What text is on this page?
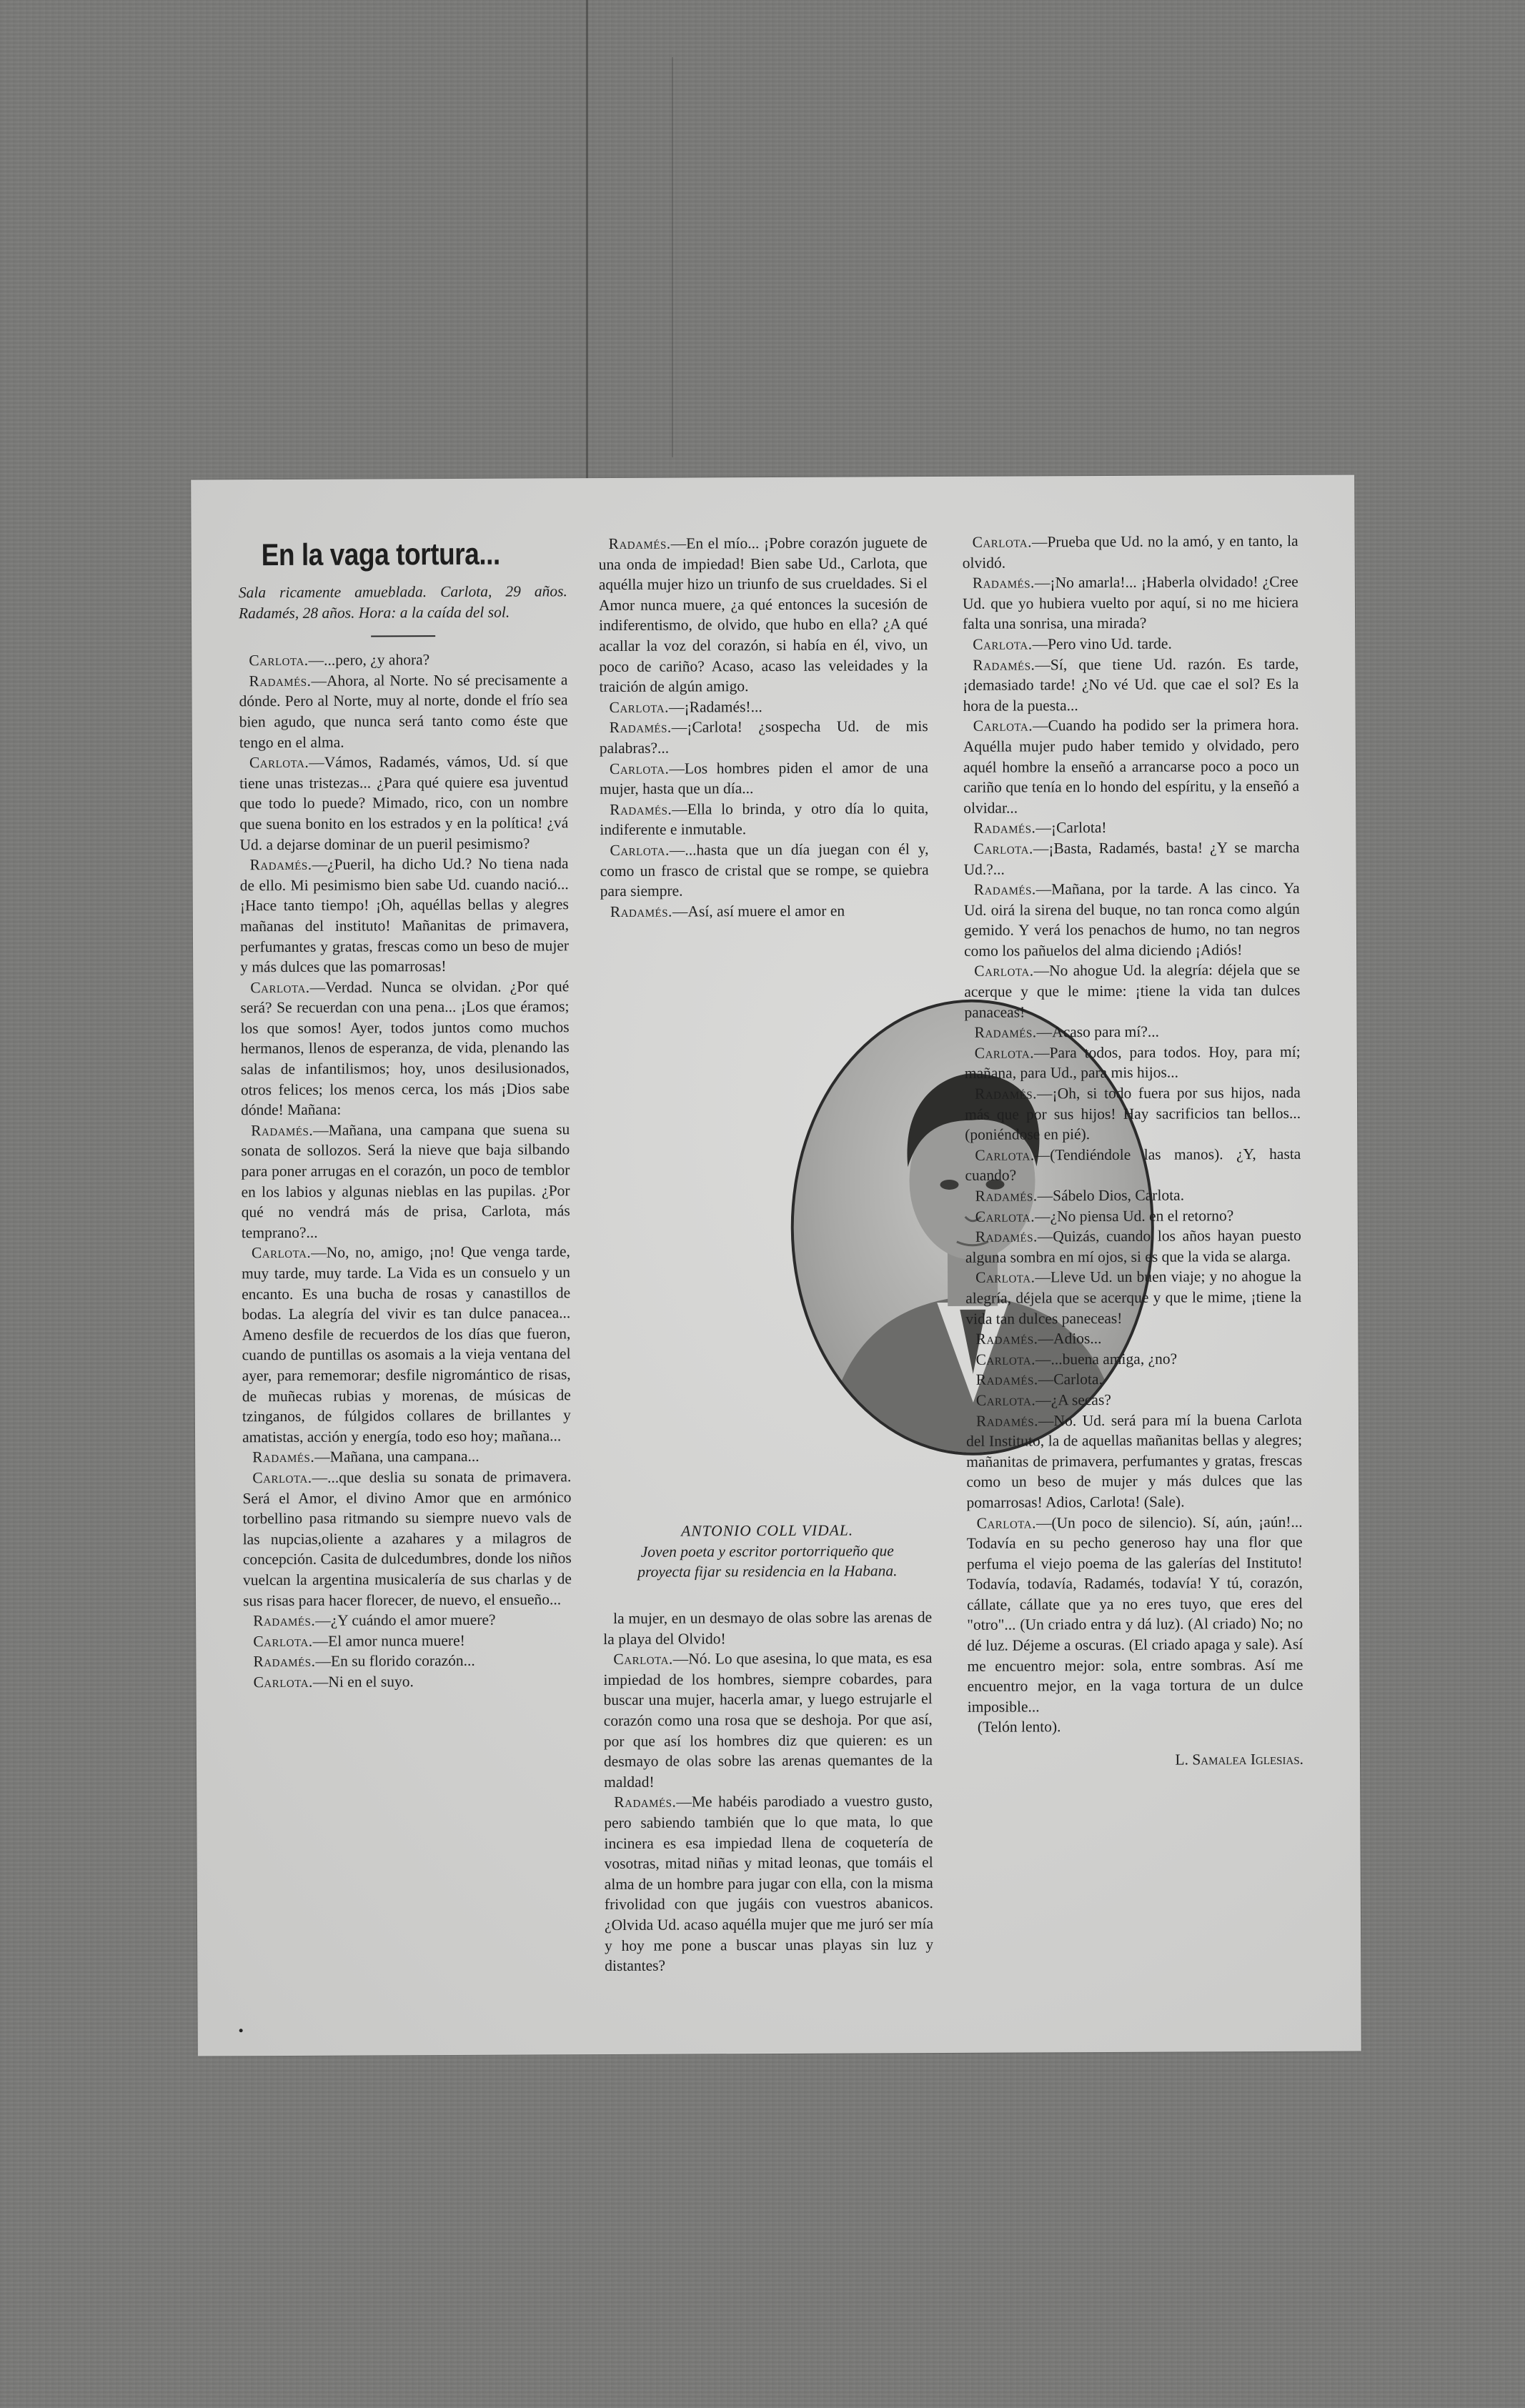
En la vaga tortura...

Sala ricamente amueblada. Carlota, 29 años. Radamés, 28 años. Hora: a la caída del sol.

Carlota.—...pero, ¿y ahora?

Radamés.—Ahora, al Norte. No sé precisamente a dónde. Pero al Norte, muy al norte, donde el frío sea bien agudo, que nunca será tanto como éste que tengo en el alma.

Carlota.—Vámos, Radamés, vámos, Ud. sí que tiene unas tristezas... ¿Para qué quiere esa juventud que todo lo puede? Mimado, rico, con un nombre que suena bonito en los estrados y en la política! ¿vá Ud. a dejarse dominar de un pueril pesimismo?

Radamés.—¿Pueril, ha dicho Ud.? No tiena nada de ello. Mi pesimismo bien sabe Ud. cuando nació... ¡Hace tanto tiempo! ¡Oh, aquéllas bellas y alegres mañanas del instituto! Mañanitas de primavera, perfumantes y gratas, frescas como un beso de mujer y más dulces que las pomarrosas!

Carlota.—Verdad. Nunca se olvidan. ¿Por qué será? Se recuerdan con una pena... ¡Los que éramos; los que somos! Ayer, todos juntos como muchos hermanos, llenos de esperanza, de vida, plenando las salas de infantilismos; hoy, unos desilusionados, otros felices; los menos cerca, los más ¡Dios sabe dónde! Mañana:

Radamés.—Mañana, una campana que suena su sonata de sollozos. Será la nieve que baja silbando para poner arrugas en el corazón, un poco de temblor en los labios y algunas nieblas en las pupilas. ¿Por qué no vendrá más de prisa, Carlota, más temprano?...

Carlota.—No, no, amigo, ¡no! Que venga tarde, muy tarde, muy tarde. La Vida es un consuelo y un encanto. Es una bucha de rosas y canastillos de bodas. La alegría del vivir es tan dulce panacea... Ameno desfile de recuerdos de los días que fueron, cuando de puntillas os asomais a la vieja ventana del ayer, para rememorar; desfile nigromántico de risas, de muñecas rubias y morenas, de músicas de tzinganos, de fúlgidos collares de brillantes y amatistas, acción y energía, todo eso hoy; mañana...

Radamés.—Mañana, una campana...

Carlota.—...que deslia su sonata de primavera. Será el Amor, el divino Amor que en armónico torbellino pasa ritmando su siempre nuevo vals de las nupcias,oliente a azahares y a milagros de concepción. Casita de dulcedumbres, donde los niños vuelcan la argentina musicalería de sus charlas y de sus risas para hacer florecer, de nuevo, el ensueño...

Radamés.—¿Y cuándo el amor muere?

Carlota.—El amor nunca muere!

Radamés.—En su florido corazón...

Carlota.—Ni en el suyo.

Radamés.—En el mío... ¡Pobre corazón juguete de una onda de impiedad! Bien sabe Ud., Carlota, que aquélla mujer hizo un triunfo de sus crueldades. Si el Amor nunca muere, ¿a qué entonces la sucesión de indiferentismo, de olvido, que hubo en ella? ¿A qué acallar la voz del corazón, si había en él, vivo, un poco de cariño? Acaso, acaso las veleidades y la traición de algún amigo.

Carlota.—¡Radamés!...

Radamés.—¡Carlota! ¿sospecha Ud. de mis palabras?...

Carlota.—Los hombres piden el amor de una mujer, hasta que un día...

Radamés.—Ella lo brinda, y otro día lo quita, indiferente e inmutable.

Carlota.—...hasta que un día juegan con él y, como un frasco de cristal que se rompe, se quiebra para siempre.

Radamés.—Así, así muere el amor en

ANTONIO COLL VIDAL.
Joven poeta y escritor portorriqueño que
proyecta fijar su residencia en la Habana.

la mujer, en un desmayo de olas sobre las arenas de la playa del Olvido!

Carlota.—Nó. Lo que asesina, lo que mata, es esa impiedad de los hombres, siempre cobardes, para buscar una mujer, hacerla amar, y luego estrujarle el corazón como una rosa que se deshoja. Por que así, por que así los hombres diz que quieren: es un desmayo de olas sobre las arenas quemantes de la maldad!

Radamés.—Me habéis parodiado a vuestro gusto, pero sabiendo también que lo que mata, lo que incinera es esa impiedad llena de coquetería de vosotras, mitad niñas y mitad leonas, que tomáis el alma de un hombre para jugar con ella, con la misma frivolidad con que jugáis con vuestros abanicos. ¿Olvida Ud. acaso aquélla mujer que me juró ser mía y hoy me pone a buscar unas playas sin luz y distantes?

Carlota.—Prueba que Ud. no la amó, y en tanto, la olvidó.

Radamés.—¡No amarla!... ¡Haberla olvidado! ¿Cree Ud. que yo hubiera vuelto por aquí, si no me hiciera falta una sonrisa, una mirada?

Carlota.—Pero vino Ud. tarde.

Radamés.—Sí, que tiene Ud. razón. Es tarde, ¡demasiado tarde! ¿No vé Ud. que cae el sol? Es la hora de la puesta...

Carlota.—Cuando ha podido ser la primera hora. Aquélla mujer pudo haber temido y olvidado, pero aquél hombre la enseñó a arrancarse poco a poco un cariño que tenía en lo hondo del espíritu, y la enseñó a olvidar...

Radamés.—¡Carlota!

Carlota.—¡Basta, Radamés, basta! ¿Y se marcha Ud.?...

Radamés.—Mañana, por la tarde. A las cinco. Ya Ud. oirá la sirena del buque, no tan ronca como algún gemido. Y verá los penachos de humo, no tan negros como los pañuelos del alma diciendo ¡Adiós!

Carlota.—No ahogue Ud. la alegría: déjela que se acerque y que le mime: ¡tiene la vida tan dulces panaceas!

Radamés.—Acaso para mí?...

Carlota.—Para todos, para todos. Hoy, para mí; mañana, para Ud., para mis hijos...

Radamés.—¡Oh, si todo fuera por sus hijos, nada más que por sus hijos! Hay sacrificios tan bellos... (poniéndose en pié).

Carlota.—(Tendiéndole las manos). ¿Y, hasta cuando?

Radamés.—Sábelo Dios, Carlota.

Carlota.—¿No piensa Ud. en el retorno?

Radamés.—Quizás, cuando los años hayan puesto alguna sombra en mí ojos, si es que la vida se alarga.

Carlota.—Lleve Ud. un buen viaje; y no ahogue la alegría, déjela que se acerque y que le mime, ¡tiene la vida tan dulces paneceas!

Radamés.—Adios...

Carlota.—...buena amiga, ¿no?

Radamés.—Carlota.

Carlota.—¿A secas?

Radamés.—No. Ud. será para mí la buena Carlota del Instituto, la de aquellas mañanitas bellas y alegres; mañanitas de primavera, perfumantes y gratas, frescas como un beso de mujer y más dulces que las pomarrosas! Adios, Carlota! (Sale).

Carlota.—(Un poco de silencio). Sí, aún, ¡aún!... Todavía en su pecho generoso hay una flor que perfuma el viejo poema de las galerías del Instituto! Todavía, todavía, Radamés, todavía! Y tú, corazón, cállate, cállate que ya no eres tuyo, que eres del "otro"... (Un criado entra y dá luz). (Al criado) No; no dé luz. Déjeme a oscuras. (El criado apaga y sale). Así me encuentro mejor: sola, entre sombras. Así me encuentro mejor, en la vaga tortura de un dulce imposible...

(Telón lento).

L. Samalea Iglesias.
